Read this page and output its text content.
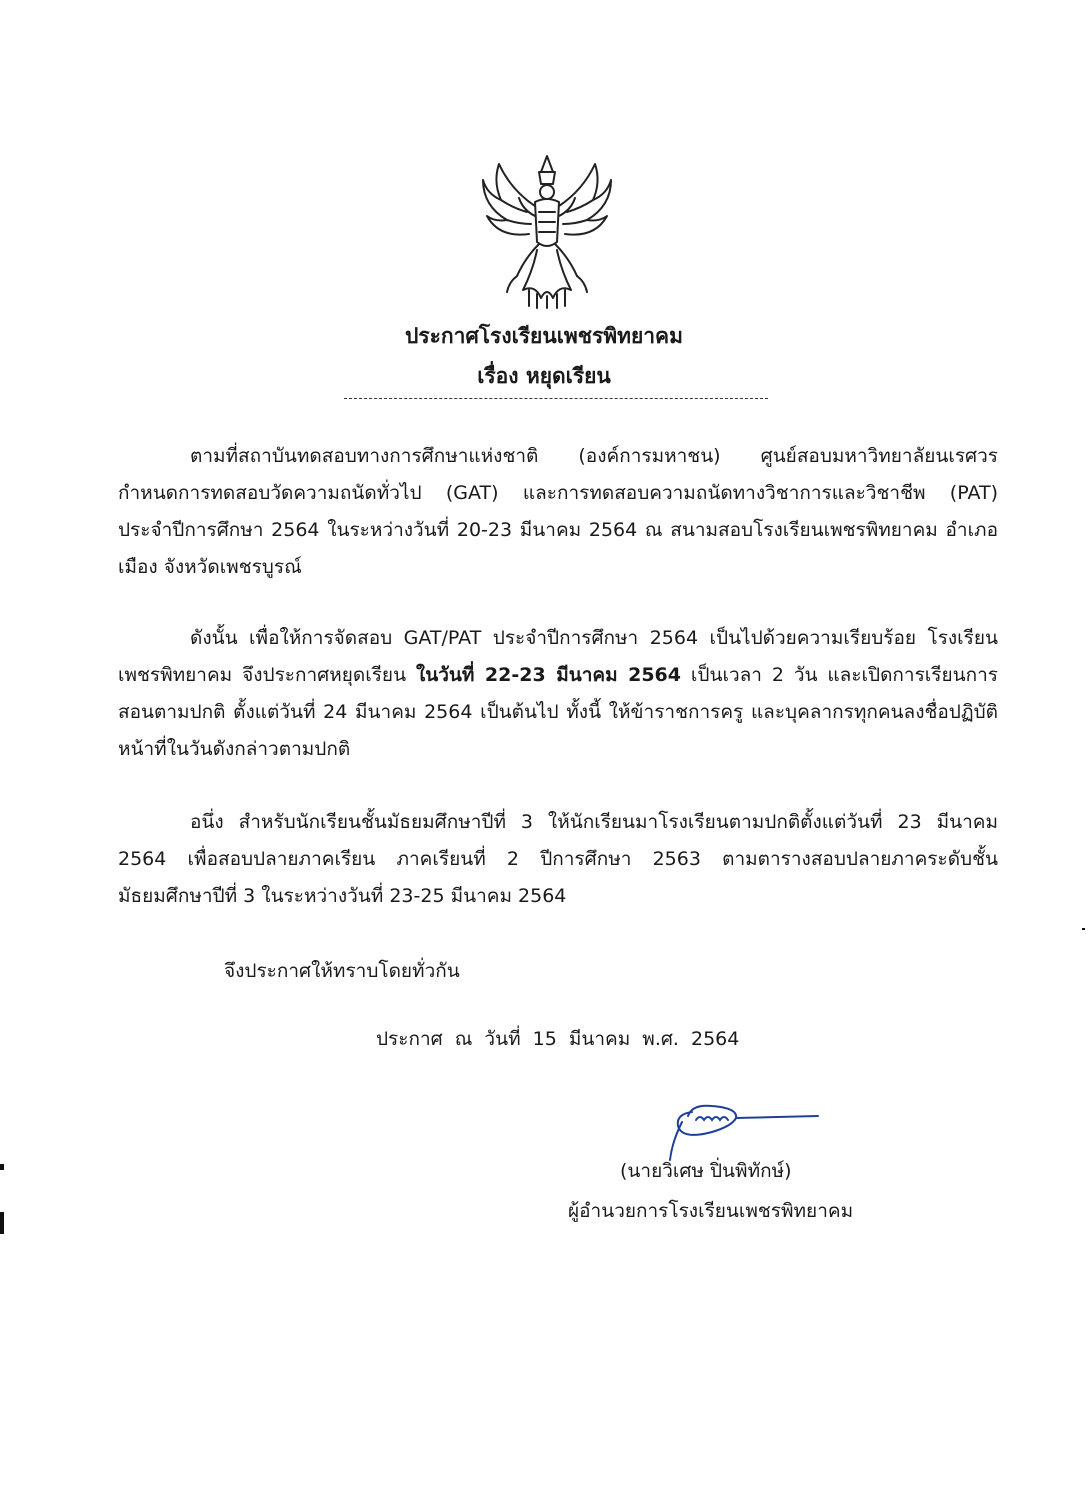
ประกาศโรงเรียนเพชรพิทยาคม
เรื่อง หยุดเรียน

ตามที่สถาบันทดสอบทางการศึกษาแห่งชาติ (องค์การมหาชน) ศูนย์สอบมหาวิทยาลัยนเรศวร กำหนดการทดสอบวัดความถนัดทั่วไป (GAT) และการทดสอบความถนัดทางวิชาการและวิชาชีพ (PAT) ประจำปีการศึกษา 2564 ในระหว่างวันที่ 20-23 มีนาคม 2564 ณ สนามสอบโรงเรียนเพชรพิทยาคม อำเภอเมือง จังหวัดเพชรบูรณ์

ดังนั้น เพื่อให้การจัดสอบ GAT/PAT ประจำปีการศึกษา 2564 เป็นไปด้วยความเรียบร้อย โรงเรียนเพชรพิทยาคม จึงประกาศหยุดเรียน ในวันที่ 22-23 มีนาคม 2564 เป็นเวลา 2 วัน และเปิดการเรียนการสอนตามปกติ ตั้งแต่วันที่ 24 มีนาคม 2564 เป็นต้นไป ทั้งนี้ ให้ข้าราชการครู และบุคลากรทุกคนลงชื่อปฏิบัติหน้าที่ในวันดังกล่าวตามปกติ

อนึ่ง สำหรับนักเรียนชั้นมัธยมศึกษาปีที่ 3 ให้นักเรียนมาโรงเรียนตามปกติตั้งแต่วันที่ 23 มีนาคม 2564 เพื่อสอบปลายภาคเรียน ภาคเรียนที่ 2 ปีการศึกษา 2563 ตามตารางสอบปลายภาคระดับชั้นมัธยมศึกษาปีที่ 3 ในระหว่างวันที่ 23-25 มีนาคม 2564

จึงประกาศให้ทราบโดยทั่วกัน
ประกาศ ณ วันที่ 15 มีนาคม พ.ศ. 2564
(นายวิเศษ ปิ่นพิทักษ์)
ผู้อำนวยการโรงเรียนเพชรพิทยาคม
